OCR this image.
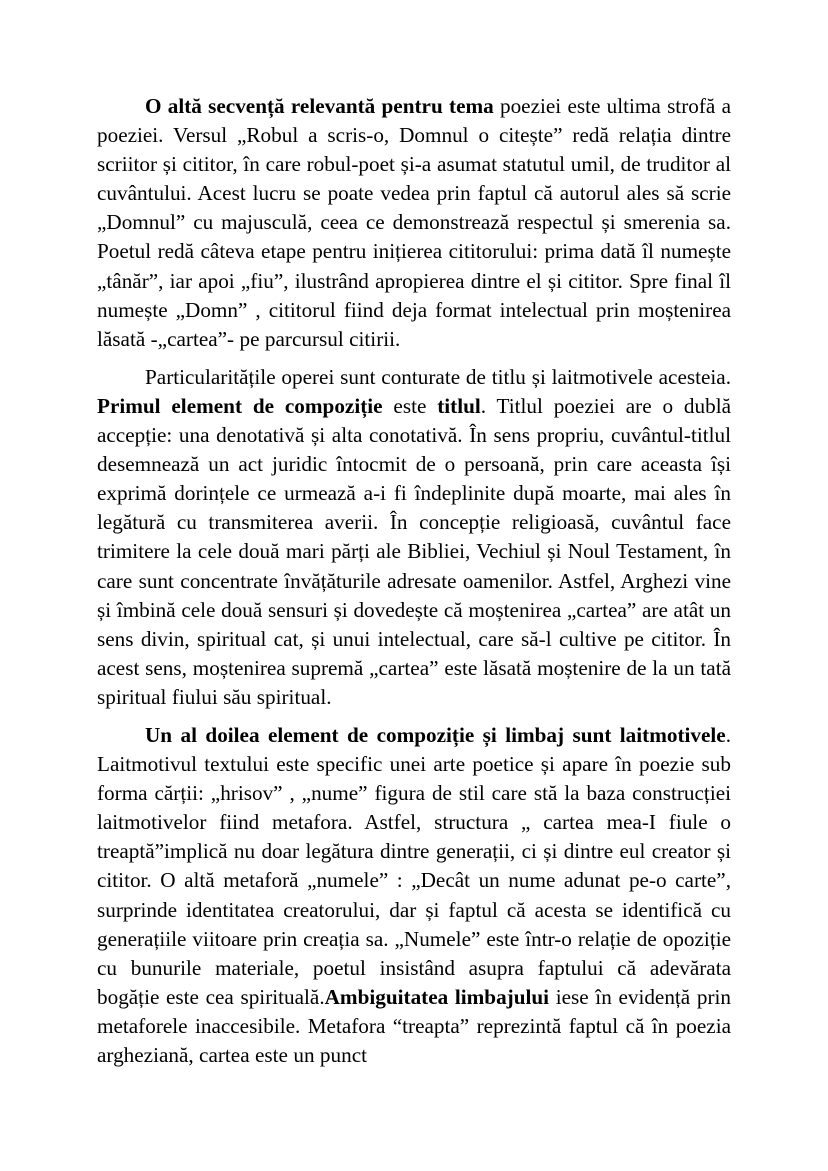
O altă secvență relevantă pentru tema poeziei este ultima strofă a poeziei. Versul „Robul a scris-o, Domnul o citește” redă relația dintre scriitor și cititor, în care robul-poet și-a asumat statutul umil, de truditor al cuvântului. Acest lucru se poate vedea prin faptul că autorul ales să scrie „Domnul” cu majusculă, ceea ce demonstrează respectul și smerenia sa. Poetul redă câteva etape pentru inițierea cititorului: prima dată îl numește „tânăr”, iar apoi „fiu”, ilustrând apropierea dintre el și cititor. Spre final îl numește „Domn” , cititorul fiind deja format intelectual prin moștenirea lăsată -„cartea”- pe parcursul citirii.

Particularitățile operei sunt conturate de titlu și laitmotivele acesteia. Primul element de compoziție este titlul. Titlul poeziei are o dublă accepție: una denotativă și alta conotativă. În sens propriu, cuvântul-titlul desemnează un act juridic întocmit de o persoană, prin care aceasta își exprimă dorințele ce urmează a-i fi îndeplinite după moarte, mai ales în legătură cu transmiterea averii. În concepție religioasă, cuvântul face trimitere la cele două mari părți ale Bibliei, Vechiul și Noul Testament, în care sunt concentrate învățăturile adresate oamenilor. Astfel, Arghezi vine și îmbină cele două sensuri și dovedește că moștenirea „cartea” are atât un sens divin, spiritual cat, și unui intelectual, care să-l cultive pe cititor. În acest sens, moștenirea supremă „cartea” este lăsată moștenire de la un tată spiritual fiului său spiritual.

Un al doilea element de compoziție și limbaj sunt laitmotivele. Laitmotivul textului este specific unei arte poetice și apare în poezie sub forma cărții: „hrisov” , „nume” figura de stil care stă la baza construcției laitmotivelor fiind metafora. Astfel, structura „ cartea mea-I fiule o treaptă”implică nu doar legătura dintre generații, ci și dintre eul creator și cititor. O altă metaforă „numele” : „Decât un nume adunat pe-o carte”, surprinde identitatea creatorului, dar și faptul că acesta se identifică cu generațiile viitoare prin creația sa. „Numele” este într-o relație de opoziție cu bunurile materiale, poetul insistând asupra faptului că adevărata bogăție este cea spirituală.Ambiguitatea limbajului iese în evidență prin metaforele inaccesibile. Metafora “treapta” reprezintă faptul că în poezia argheziană, cartea este un punct
